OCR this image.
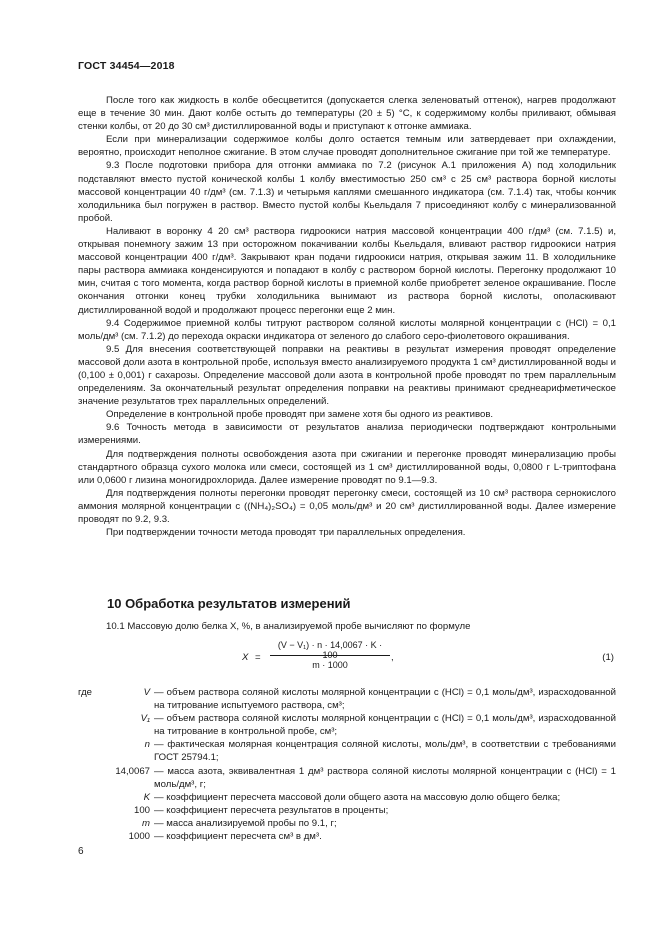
ГОСТ 34454—2018

После того как жидкость в колбе обесцветится (допускается слегка зеленоватый оттенок), нагрев продолжают еще в течение 30 мин. Дают колбе остыть до температуры (20 ± 5) °С, к содержимому колбы приливают, обмывая стенки колбы, от 20 до 30 см³ дистиллированной воды и приступают к отгонке аммиака.

Если при минерализации содержимое колбы долго остается темным или затвердевает при охлаждении, вероятно, происходит неполное сжигание. В этом случае проводят дополнительное сжигание при той же температуре.

9.3 После подготовки прибора для отгонки аммиака по 7.2 (рисунок А.1 приложения А) под холодильник подставляют вместо пустой конической колбы 1 колбу вместимостью 250 см³ с 25 см³ раствора борной кислоты массовой концентрации 40 г/дм³ (см. 7.1.3) и четырьмя каплями смешанного индикатора (см. 7.1.4) так, чтобы кончик холодильника был погружен в раствор. Вместо пустой колбы Кьельдаля 7 присоединяют колбу с минерализованной пробой.

Наливают в воронку 4 20 см³ раствора гидроокиси натрия массовой концентрации 400 г/дм³ (см. 7.1.5) и, открывая понемногу зажим 13 при осторожном покачивании колбы Кьельдаля, вливают раствор гидроокиси натрия массовой концентрации 400 г/дм³. Закрывают кран подачи гидроокиси натрия, открывая зажим 11. В холодильнике пары раствора аммиака конденсируются и попадают в колбу с раствором борной кислоты. Перегонку продолжают 10 мин, считая с того момента, когда раствор борной кислоты в приемной колбе приобретет зеленое окрашивание. После окончания отгонки конец трубки холодильника вынимают из раствора борной кислоты, ополаскивают дистиллированной водой и продолжают процесс перегонки еще 2 мин.

9.4 Содержимое приемной колбы титруют раствором соляной кислоты молярной концентрации с (HCl) = 0,1 моль/дм³ (см. 7.1.2) до перехода окраски индикатора от зеленого до слабого серо-фиолетового окрашивания.

9.5 Для внесения соответствующей поправки на реактивы в результат измерения проводят определение массовой доли азота в контрольной пробе, используя вместо анализируемого продукта 1 см³ дистиллированной воды и (0,100 ± 0,001) г сахарозы. Определение массовой доли азота в контрольной пробе проводят по трем параллельным определениям. За окончательный результат определения поправки на реактивы принимают среднеарифметическое значение результатов трех параллельных определений.

Определение в контрольной пробе проводят при замене хотя бы одного из реактивов.

9.6 Точность метода в зависимости от результатов анализа периодически подтверждают контрольными измерениями.

Для подтверждения полноты освобождения азота при сжигании и перегонке проводят минерализацию пробы стандартного образца сухого молока или смеси, состоящей из 1 см³ дистиллированной воды, 0,0800 г L-триптофана или 0,0600 г лизина моногидрохлорида. Далее измерение проводят по 9.1—9.3.

Для подтверждения полноты перегонки проводят перегонку смеси, состоящей из 10 см³ раствора сернокислого аммония молярной концентрации с ((NH₄)₂SO₄) = 0,05 моль/дм³ и 20 см³ дистиллированной воды. Далее измерение проводят по 9.2, 9.3.

При подтверждении точности метода проводят три параллельных определения.

10 Обработка результатов измерений
10.1 Массовую долю белка X, %, в анализируемой пробе вычисляют по формуле
X =
(V − V₁) · n · 14,0067 · K · 100
m · 1000
,	(1)
где	V	— объем раствора соляной кислоты молярной концентрации с (HCl) = 0,1 моль/дм³, израсходованной на титрование испытуемого раствора, см³;
	V₁	— объем раствора соляной кислоты молярной концентрации с (HCl) = 0,1 моль/дм³, израсходованной на титрование в контрольной пробе, см³;
	n	— фактическая молярная концентрация соляной кислоты, моль/дм³, в соответствии с требованиями ГОСТ 25794.1;
	14,0067	— масса азота, эквивалентная 1 дм³ раствора соляной кислоты молярной концентрации с (HCl) = 1 моль/дм³, г;
	K	— коэффициент пересчета массовой доли общего азота на массовую долю общего белка;
	100	— коэффициент пересчета результатов в проценты;
	m	— масса анализируемой пробы по 9.1, г;
	1000	— коэффициент пересчета см³ в дм³.
6
